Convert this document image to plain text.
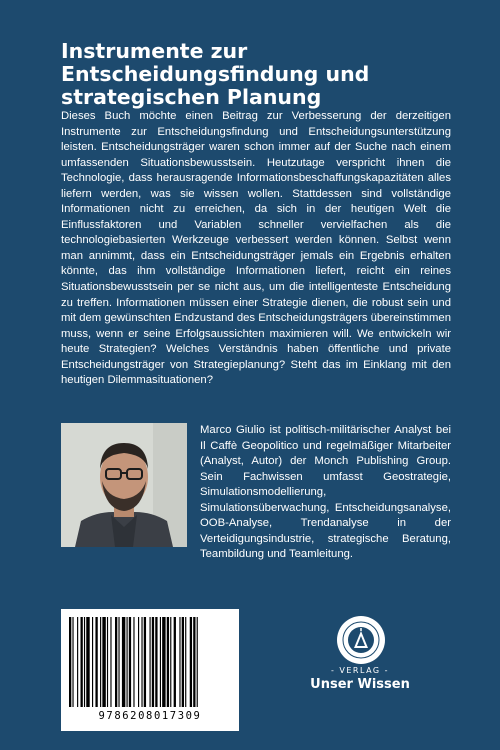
Instrumente zur
Entscheidungsfindung und
strategischen Planung

Dieses Buch möchte einen Beitrag zur Verbesserung der derzeitigen Instrumente zur Entscheidungsfindung und Entscheidungsunterstützung leisten. Entscheidungsträger waren schon immer auf der Suche nach einem umfassenden Situationsbewusstsein. Heutzutage verspricht ihnen die Technologie, dass herausragende Informationsbeschaffungskapazitäten alles liefern werden, was sie wissen wollen. Stattdessen sind vollständige Informationen nicht zu erreichen, da sich in der heutigen Welt die Einflussfaktoren und Variablen schneller vervielfachen als die technologiebasierten Werkzeuge verbessert werden können. Selbst wenn man annimmt, dass ein Entscheidungsträger jemals ein Ergebnis erhalten könnte, das ihm vollständige Informationen liefert, reicht ein reines Situationsbewusstsein per se nicht aus, um die intelligenteste Entscheidung zu treffen. Informationen müssen einer Strategie dienen, die robust sein und mit dem gewünschten Endzustand des Entscheidungsträgers übereinstimmen muss, wenn er seine Erfolgsaussichten maximieren will. We entwickeln wir heute Strategien? Welches Verständnis haben öffentliche und private Entscheidungsträger von Strategieplanung? Steht das im Einklang mit den heutigen Dilemmasituationen?

Marco Giulio ist politisch-militärischer Analyst bei Il Caffè Geopolitico und regelmäßiger Mitarbeiter (Analyst, Autor) der Monch Publishing Group. Sein Fachwissen umfasst Geostrategie, Simulationsmodellierung, Simulationsüberwachung, Entscheidungsanalyse, OOB-Analyse, Trendanalyse in der Verteidigungsindustrie, strategische Beratung, Teambildung und Teamleitung.

9786208017309
- VERLAG -
Unser Wissen
